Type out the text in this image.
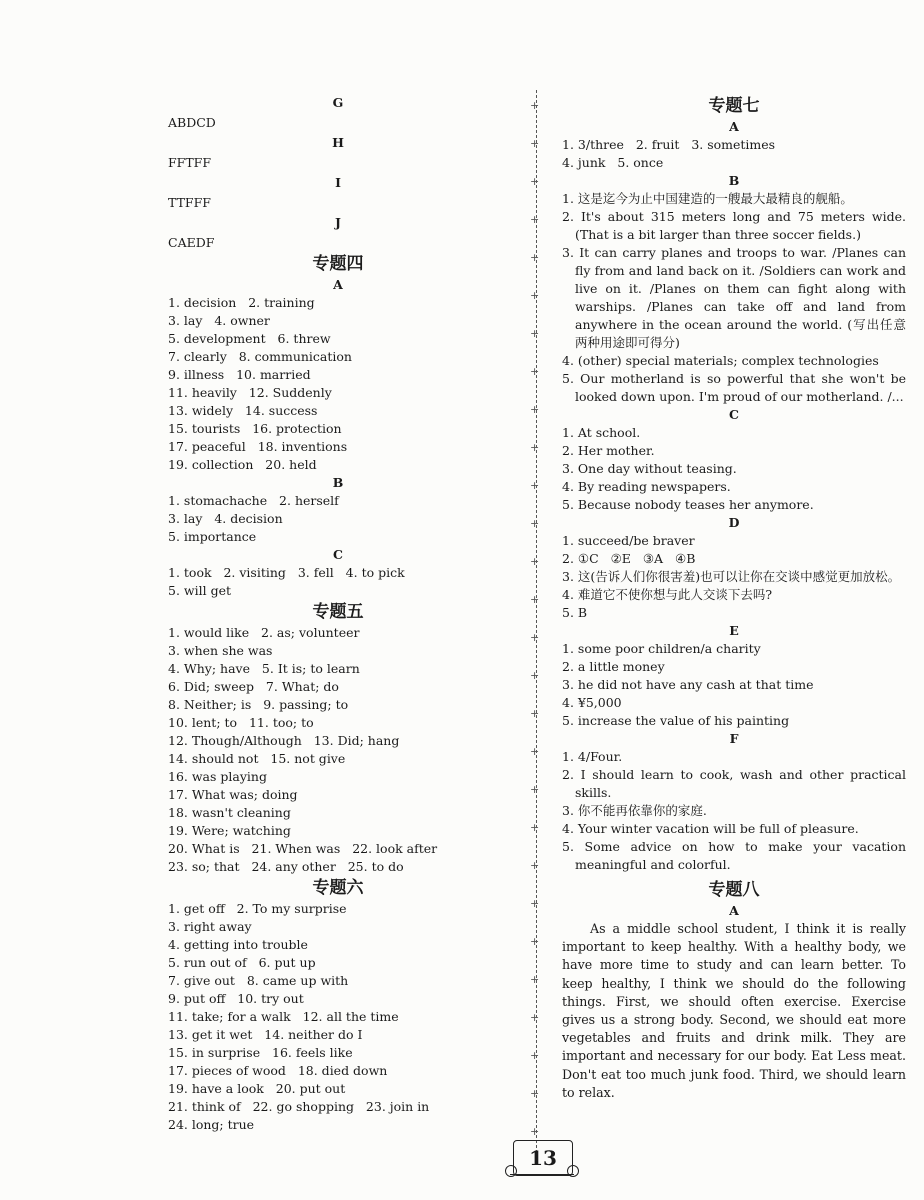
G
ABDCD
H
FFTFF
I
TTFFF
J
CAEDF
专题四
A
1. decision   2. training
3. lay   4. owner
5. development   6. threw
7. clearly   8. communication
9. illness   10. married
11. heavily   12. Suddenly
13. widely   14. success
15. tourists   16. protection
17. peaceful   18. inventions
19. collection   20. held
B
1. stomachache   2. herself
3. lay   4. decision
5. importance
C
1. took   2. visiting   3. fell   4. to pick
5. will get
专题五
1. would like   2. as; volunteer
3. when she was
4. Why; have   5. It is; to learn
6. Did; sweep   7. What; do
8. Neither; is   9. passing; to
10. lent; to   11. too; to
12. Though/Although   13. Did; hang
14. should not   15. not give
16. was playing
17. What was; doing
18. wasn't cleaning
19. Were; watching
20. What is   21. When was   22. look after
23. so; that   24. any other   25. to do
专题六
1. get off   2. To my surprise
3. right away
4. getting into trouble
5. run out of   6. put up
7. give out   8. came up with
9. put off   10. try out
11. take; for a walk   12. all the time
13. get it wet   14. neither do I
15. in surprise   16. feels like
17. pieces of wood   18. died down
19. have a look   20. put out
21. think of   22. go shopping   23. join in
24. long; true
专题七
A
1. 3/three   2. fruit   3. sometimes
4. junk   5. once
B
1. 这是迄今为止中国建造的一艘最大最精良的舰船。
2. It's about 315 meters long and 75 meters wide. (That is a bit larger than three soccer fields.)
3. It can carry planes and troops to war. /Planes can fly from and land back on it. /Soldiers can work and live on it. /Planes on them can fight along with warships. /Planes can take off and land from anywhere in the ocean around the world. (写出任意两种用途即可得分)
4. (other) special materials; complex technologies
5. Our motherland is so powerful that she won't be looked down upon. I'm proud of our motherland. /...
C
1. At school.
2. Her mother.
3. One day without teasing.
4. By reading newspapers.
5. Because nobody teases her anymore.
D
1. succeed/be braver
2. ①C   ②E   ③A   ④B
3. 这(告诉人们你很害羞)也可以让你在交谈中感觉更加放松。
4. 难道它不使你想与此人交谈下去吗?
5. B
E
1. some poor children/a charity
2. a little money
3. he did not have any cash at that time
4. ¥5,000
5. increase the value of his painting
F
1. 4/Four.
2. I should learn to cook, wash and other practical skills.
3. 你不能再依靠你的家庭.
4. Your winter vacation will be full of pleasure.
5. Some advice on how to make your vacation meaningful and colorful.
专题八
A
As a middle school student, I think it is really important to keep healthy. With a healthy body, we have more time to study and can learn better. To keep healthy, I think we should do the following things. First, we should often exercise. Exercise gives us a strong body. Second, we should eat more vegetables and fruits and drink milk. They are important and necessary for our body. Eat Less meat. Don't eat too much junk food. Third, we should learn to relax.
13
+
+
+
+
+
+
+
+
+
+
+
+
+
+
+
+
+
+
+
+
+
+
+
+
+
+
+
+
